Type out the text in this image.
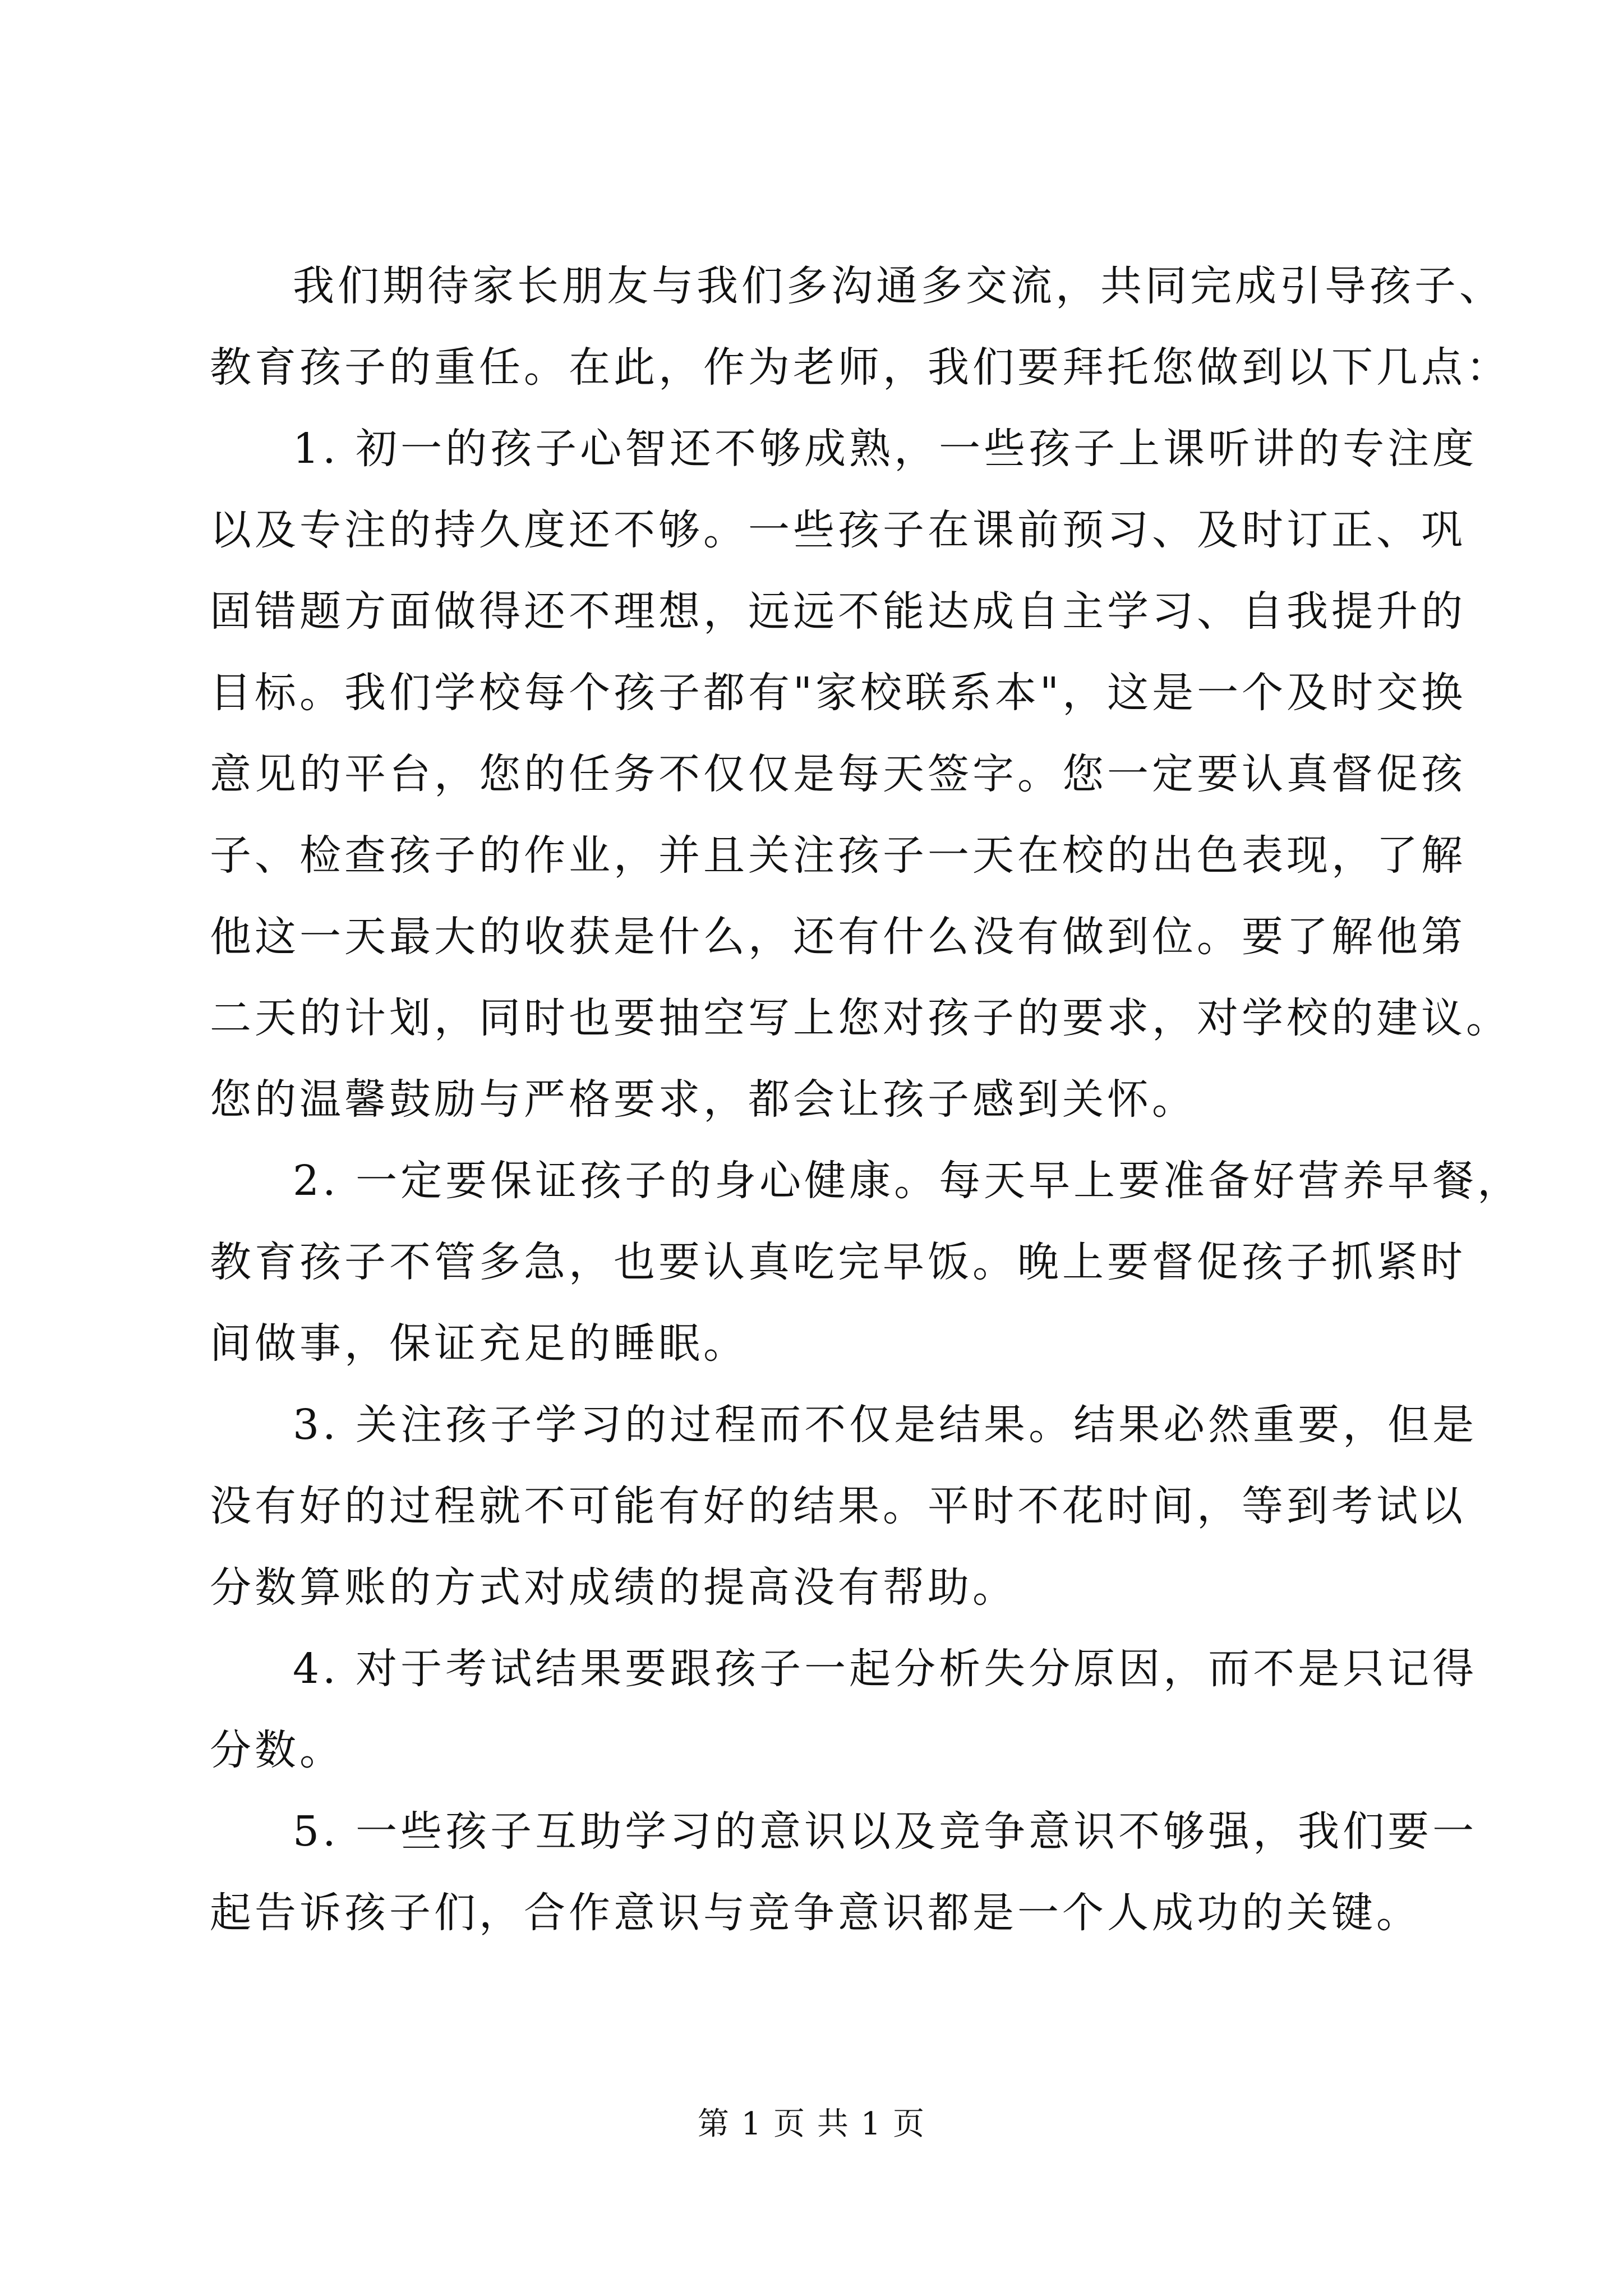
我们期待家长朋友与我们多沟通多交流，共同完成引导孩子、
教育孩子的重任。在此，作为老师，我们要拜托您做到以下几点：
1. 初一的孩子心智还不够成熟，一些孩子上课听讲的专注度
以及专注的持久度还不够。一些孩子在课前预习、及时订正、巩
固错题方面做得还不理想，远远不能达成自主学习、自我提升的
目标。我们学校每个孩子都有"家校联系本"，这是一个及时交换
意见的平台，您的任务不仅仅是每天签字。您一定要认真督促孩
子、检查孩子的作业，并且关注孩子一天在校的出色表现，了解
他这一天最大的收获是什么，还有什么没有做到位。要了解他第
二天的计划，同时也要抽空写上您对孩子的要求，对学校的建议。
您的温馨鼓励与严格要求，都会让孩子感到关怀。
2. 一定要保证孩子的身心健康。每天早上要准备好营养早餐，
教育孩子不管多急，也要认真吃完早饭。晚上要督促孩子抓紧时
间做事，保证充足的睡眠。
3. 关注孩子学习的过程而不仅是结果。结果必然重要，但是
没有好的过程就不可能有好的结果。平时不花时间，等到考试以
分数算账的方式对成绩的提高没有帮助。
4. 对于考试结果要跟孩子一起分析失分原因，而不是只记得
分数。
5. 一些孩子互助学习的意识以及竞争意识不够强，我们要一
起告诉孩子们，合作意识与竞争意识都是一个人成功的关键。
第 1 页 共 1 页
